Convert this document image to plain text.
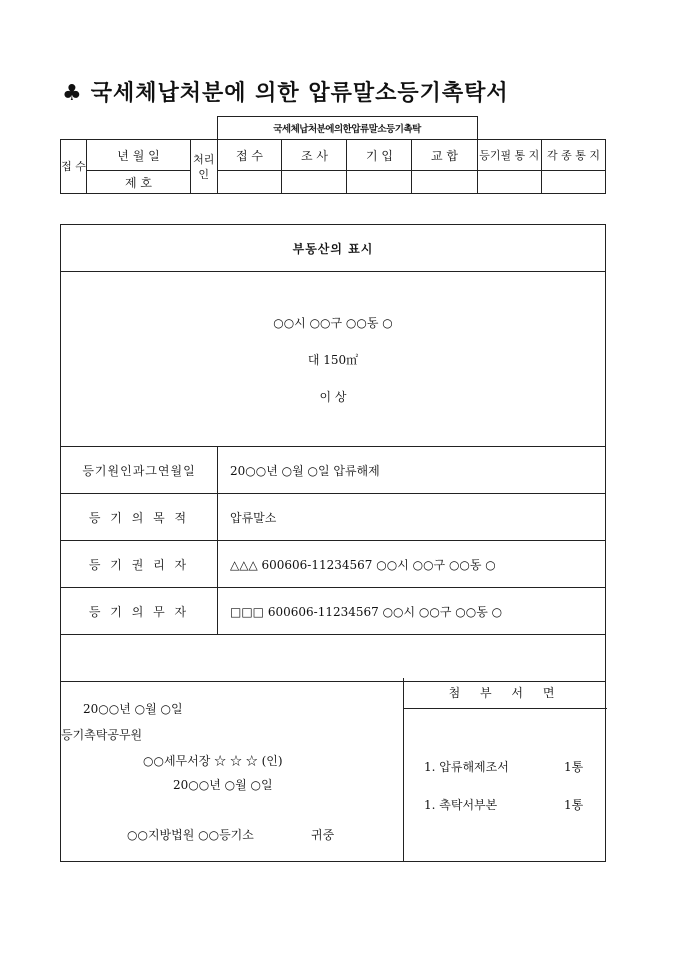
♣ 국세체납처분에 의한 압류말소등기촉탁서
			국세체납처분에의한압류말소등기촉탁					
접 수	년 월 일	처리인	접 수	조 사	기 입	교 합	등기필 통 지	각 종 통 지
	제 호							
부동산의 표시	

○○시 ○○구 ○○동 ○
대 150㎡
이 상	

등기원인과그연월일	20○○년 ○월 ○일 압류해제
등 기 의 목 적	압류말소
등 기 권 리 자	△△△ 600606-11234567 ○○시 ○○구 ○○동 ○
등 기 의 무 자	□□□ 600606-11234567 ○○시 ○○구 ○○동 ○

20○○년 ○월 ○일
등기촉탁공무원
○○세무서장 ☆ ☆ ☆ (인)
20○○년 ○월 ○일
○○지방법원 ○○등기소	귀중
첨 부 서 면
1. 압류해제조서	1통
1. 촉탁서부본	1통
